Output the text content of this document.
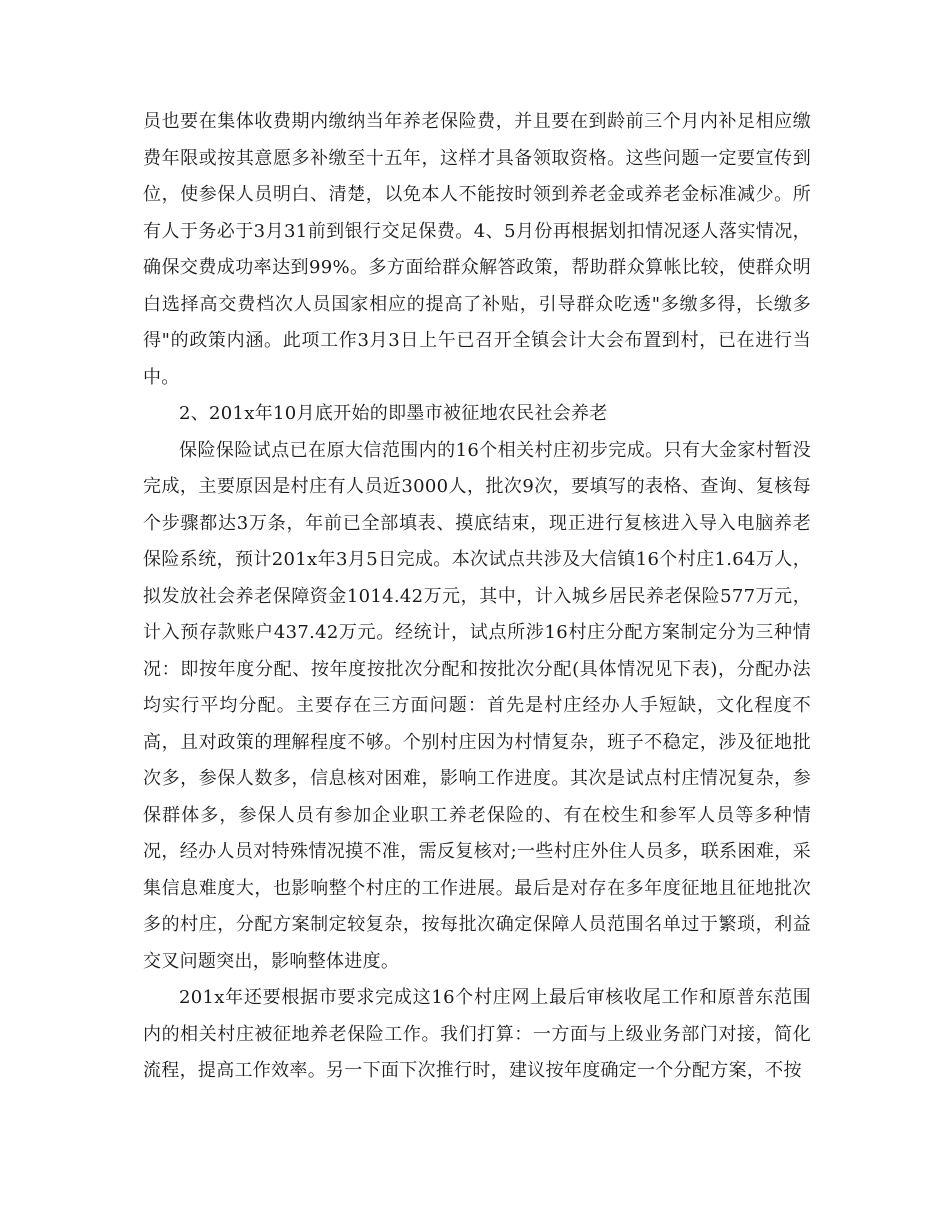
员也要在集体收费期内缴纳当年养老保险费，并且要在到龄前三个月内补足相应缴费年限或按其意愿多补缴至十五年，这样才具备领取资格。这些问题一定要宣传到位，使参保人员明白、清楚，以免本人不能按时领到养老金或养老金标准减少。所有人于务必于3月31前到银行交足保费。4、5月份再根据划扣情况逐人落实情况，确保交费成功率达到99%。多方面给群众解答政策，帮助群众算帐比较，使群众明白选择高交费档次人员国家相应的提高了补贴，引导群众吃透"多缴多得，长缴多得"的政策内涵。此项工作3月3日上午已召开全镇会计大会布置到村，已在进行当中。

2、201x年10月底开始的即墨市被征地农民社会养老

保险保险试点已在原大信范围内的16个相关村庄初步完成。只有大金家村暂没完成，主要原因是村庄有人员近3000人，批次9次，要填写的表格、查询、复核每个步骤都达3万条，年前已全部填表、摸底结束，现正进行复核进入导入电脑养老保险系统，预计201x年3月5日完成。本次试点共涉及大信镇16个村庄1.64万人，拟发放社会养老保障资金1014.42万元，其中，计入城乡居民养老保险577万元，计入预存款账户437.42万元。经统计，试点所涉16村庄分配方案制定分为三种情况：即按年度分配、按年度按批次分配和按批次分配(具体情况见下表)，分配办法均实行平均分配。主要存在三方面问题：首先是村庄经办人手短缺，文化程度不高，且对政策的理解程度不够。个别村庄因为村情复杂，班子不稳定，涉及征地批次多，参保人数多，信息核对困难，影响工作进度。其次是试点村庄情况复杂，参保群体多，参保人员有参加企业职工养老保险的、有在校生和参军人员等多种情况，经办人员对特殊情况摸不准，需反复核对;一些村庄外住人员多，联系困难，采集信息难度大，也影响整个村庄的工作进展。最后是对存在多年度征地且征地批次多的村庄，分配方案制定较复杂，按每批次确定保障人员范围名单过于繁琐，利益交叉问题突出，影响整体进度。

201x年还要根据市要求完成这16个村庄网上最后审核收尾工作和原普东范围内的相关村庄被征地养老保险工作。我们打算：一方面与上级业务部门对接，简化流程，提高工作效率。另一下面下次推行时，建议按年度确定一个分配方案，不按
